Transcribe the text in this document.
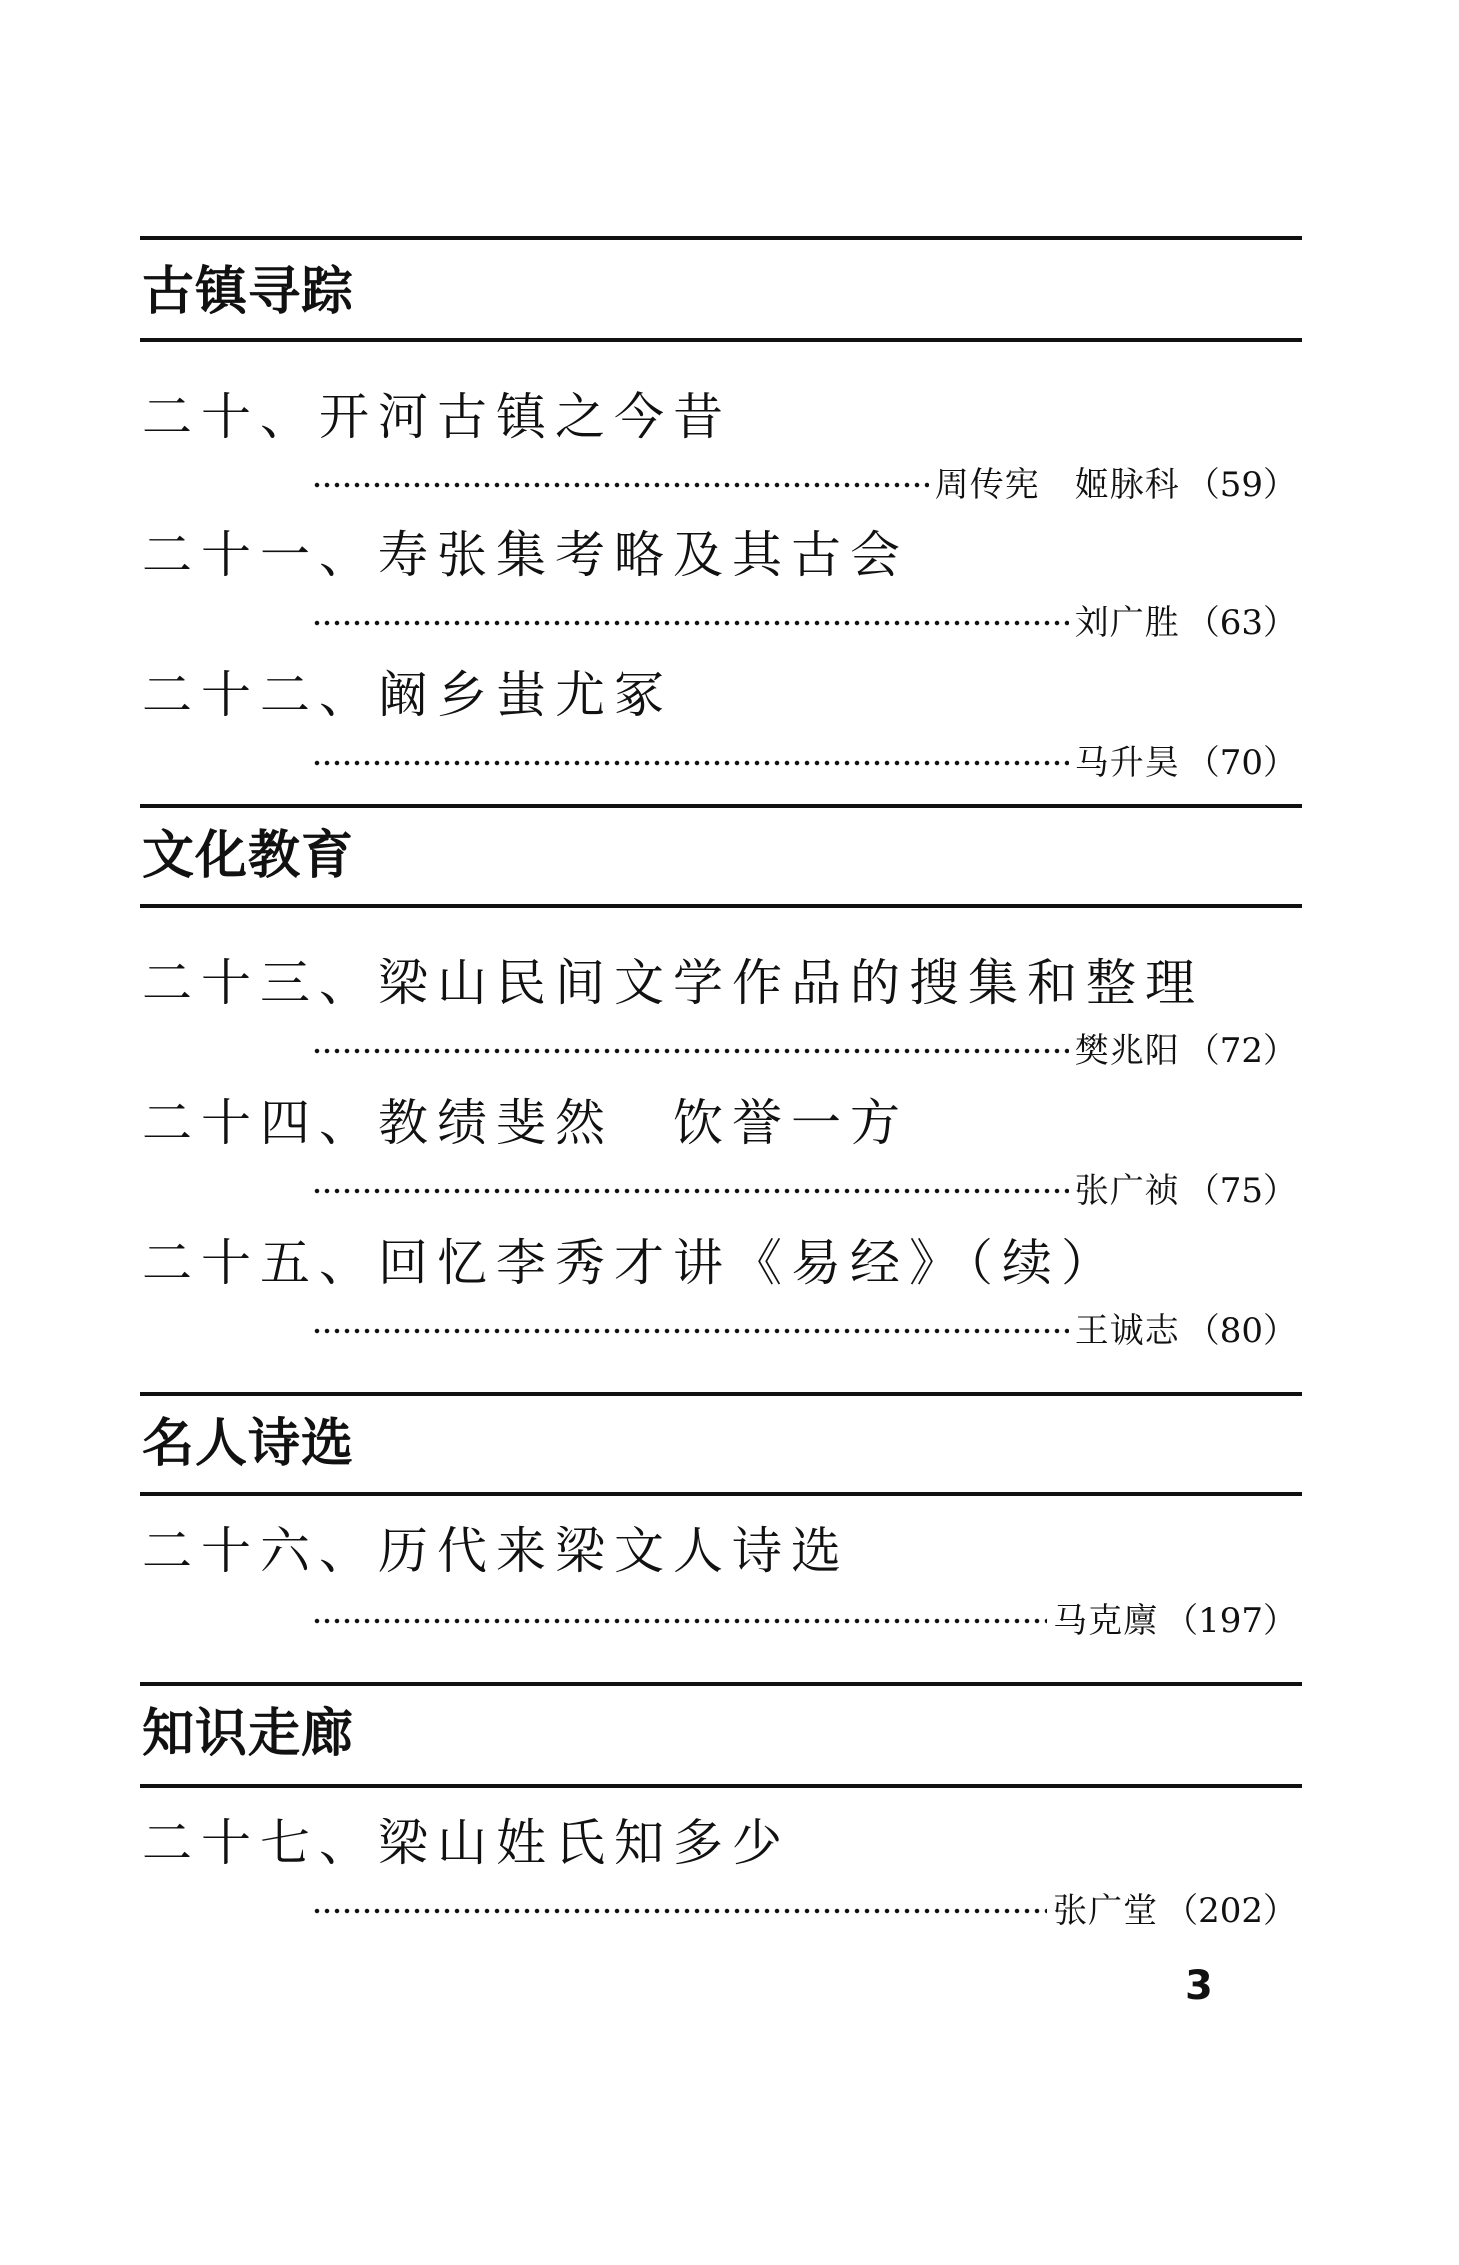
古镇寻踪
二十、开河古镇之今昔
周传宪　姬脉科 （59）
二十一、寿张集考略及其古会
刘广胜 （63）
二十二、阚乡蚩尤冢
马升昊 （70）
文化教育
二十三、梁山民间文学作品的搜集和整理
樊兆阳 （72）
二十四、教绩斐然　饮誉一方
张广祯 （75）
二十五、回忆李秀才讲《易经》（续）
王诚志 （80）
名人诗选
二十六、历代来梁文人诗选
马克廪 （197）
知识走廊
二十七、梁山姓氏知多少
张广堂 （202）
3
